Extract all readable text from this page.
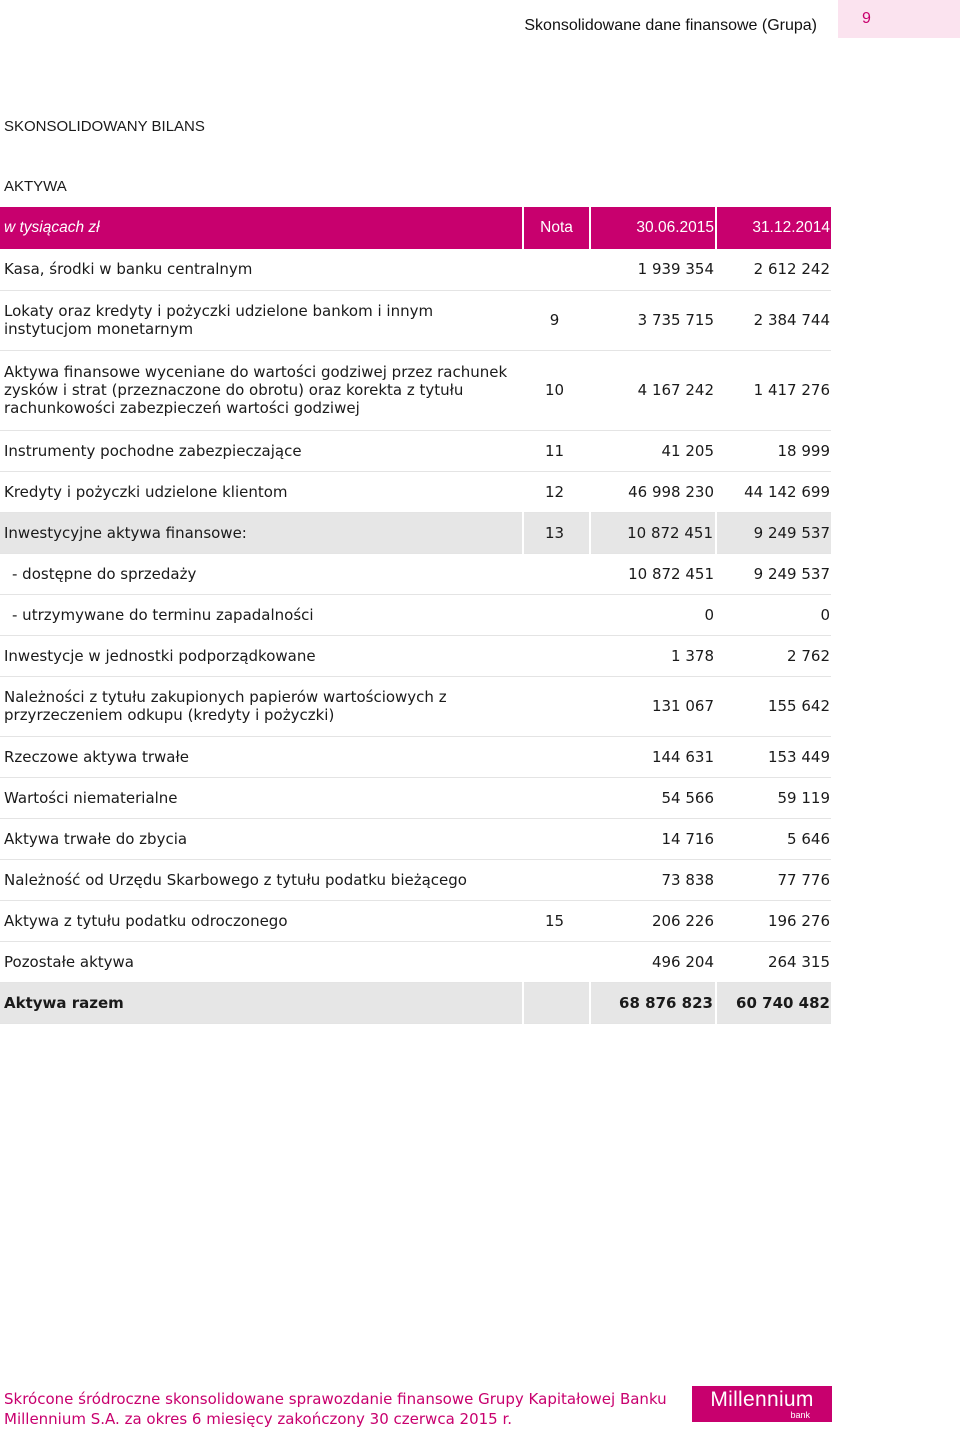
Skonsolidowane dane finansowe (Grupa)	9
SKONSOLIDOWANY BILANS
AKTYWA
w tysiącach zł	Nota	30.06.2015	31.12.2014
Kasa, środki w banku centralnym		1 939 354	2 612 242
Lokaty oraz kredyty i pożyczki udzielone bankom i innym instytucjom monetarnym	9	3 735 715	2 384 744
Aktywa finansowe wyceniane do wartości godziwej przez rachunek zysków i strat (przeznaczone do obrotu) oraz korekta z tytułu rachunkowości zabezpieczeń wartości godziwej	10	4 167 242	1 417 276
Instrumenty pochodne zabezpieczające	11	41 205	18 999
Kredyty i pożyczki udzielone klientom	12	46 998 230	44 142 699
Inwestycyjne aktywa finansowe:	13	10 872 451	9 249 537
- dostępne do sprzedaży		10 872 451	9 249 537
- utrzymywane do terminu zapadalności		0	0
Inwestycje w jednostki podporządkowane		1 378	2 762
Należności z tytułu zakupionych papierów wartościowych z przyrzeczeniem odkupu (kredyty i pożyczki)		131 067	155 642
Rzeczowe aktywa trwałe		144 631	153 449
Wartości niematerialne		54 566	59 119
Aktywa trwałe do zbycia		14 716	5 646
Należność od Urzędu Skarbowego z tytułu podatku bieżącego		73 838	77 776
Aktywa z tytułu podatku odroczonego	15	206 226	196 276
Pozostałe aktywa		496 204	264 315
Aktywa razem		68 876 823	60 740 482
Skrócone śródroczne skonsolidowane sprawozdanie finansowe Grupy Kapitałowej Banku Millennium S.A. za okres 6 miesięcy zakończony 30 czerwca 2015 r.
Millennium
bank
